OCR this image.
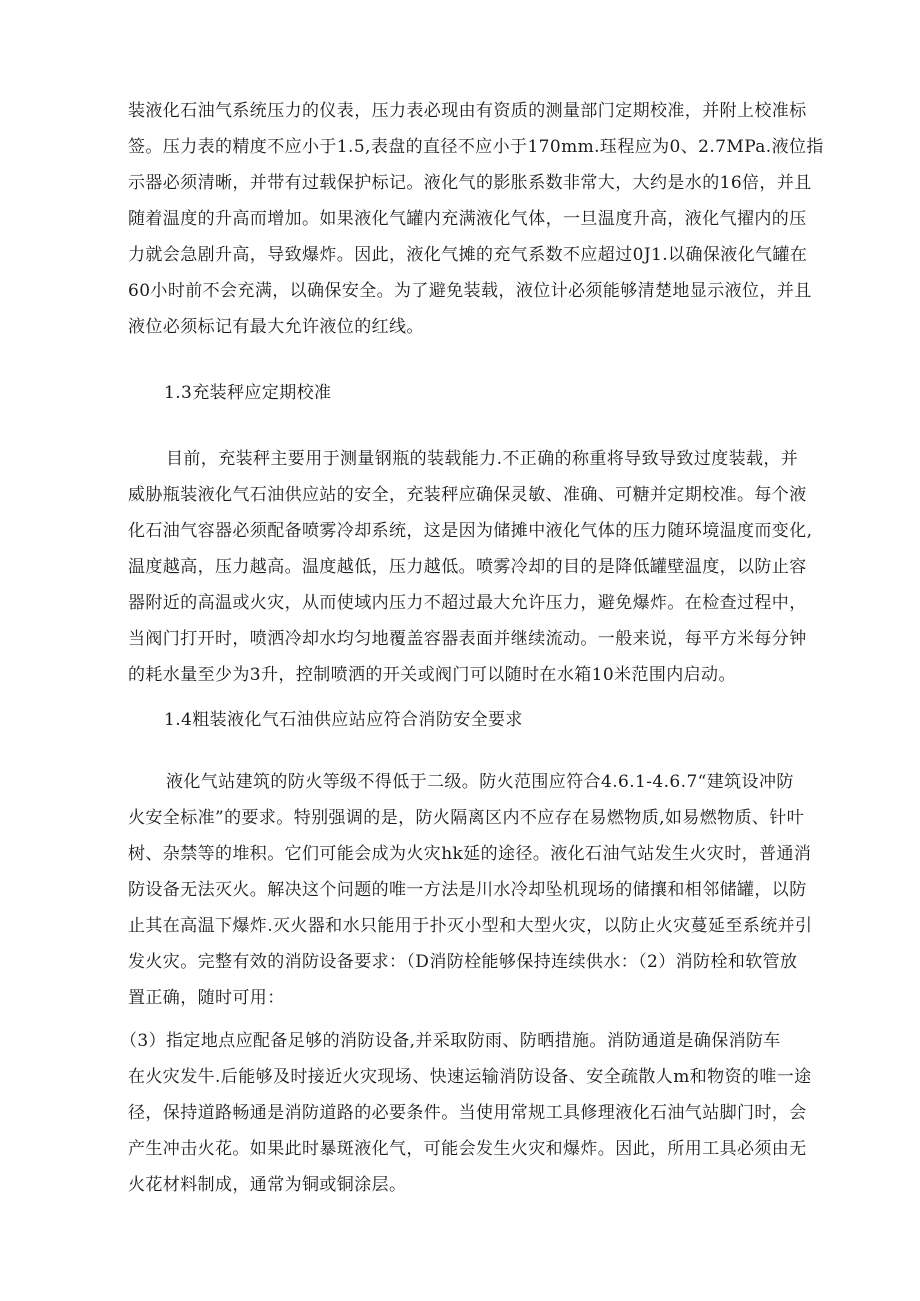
装液化石油气系统压力的仪表，压力表必现由有资质的测量部门定期校准，并附上校准标
签。压力表的精度不应小于1.5,表盘的直径不应小于170mm.珏程应为0、2.7MPa.液位指
示器必须清晰，并带有过载保护标记。液化气的影胀系数非常大，大约是水的16倍，并且
随着温度的升高而增加。如果液化气罐内充满液化气体，一旦温度升高，液化气擢内的压
力就会急剧升高，导致爆炸。因此，液化气摊的充气系数不应超过0J1.以确保液化气罐在
60小时前不会充满，以确保安全。为了避免装载，液位计必须能够清楚地显示液位，并且
液位必须标记有最大允许液位的红线。
1.3充装秤应定期校准
目前，充装秤主要用于测量钢瓶的装载能力.不正确的称重将导致导致过度装载，并
威胁瓶装液化气石油供应站的安全，充装秤应确保灵敏、准确、可糖并定期校准。每个液
化石油气容器必须配备喷雾冷却系统，这是因为储摊中液化气体的压力随环境温度而变化,
温度越高，压力越高。温度越低，压力越低。喷雾冷却的目的是降低罐壁温度，以防止容
器附近的高温或火灾，从而使域内压力不超过最大允许压力，避免爆炸。在检查过程中，
当阀门打开时，喷洒冷却水均匀地覆盖容器表面并继续流动。一般来说，每平方米每分钟
的耗水量至少为3升，控制喷洒的开关或阀门可以随时在水箱10米范围内启动。
1.4粗装液化气石油供应站应符合消防安全要求
液化气站建筑的防火等级不得低于二级。防火范围应符合4.6.1-4.6.7“建筑设冲防
火安全标准”的要求。特别强调的是，防火隔离区内不应存在易燃物质,如易燃物质、针叶
树、杂禁等的堆积。它们可能会成为火灾hk延的途径。液化石油气站发生火灾时，普通消
防设备无法灭火。解决这个问题的唯一方法是川水冷却坠机现场的储攘和相邻储罐，以防
止其在高温下爆炸.灭火器和水只能用于扑灭小型和大型火灾，以防止火灾蔓延至系统并引
发火灾。完整有效的消防设备要求：（D消防栓能够保持连续供水：（2）消防栓和软管放
置正确，随时可用：
（3）指定地点应配备足够的消防设备,并采取防雨、防晒措施。消防通道是确保消防车
在火灾发牛.后能够及时接近火灾现场、快速运输消防设备、安全疏散人m和物资的唯一途
径，保持道路畅通是消防道路的必要条件。当使用常规工具修理液化石油气站脚门时，会
产生冲击火花。如果此时暴斑液化气，可能会发生火灾和爆炸。因此，所用工具必须由无
火花材料制成，通常为铜或铜涂层。
